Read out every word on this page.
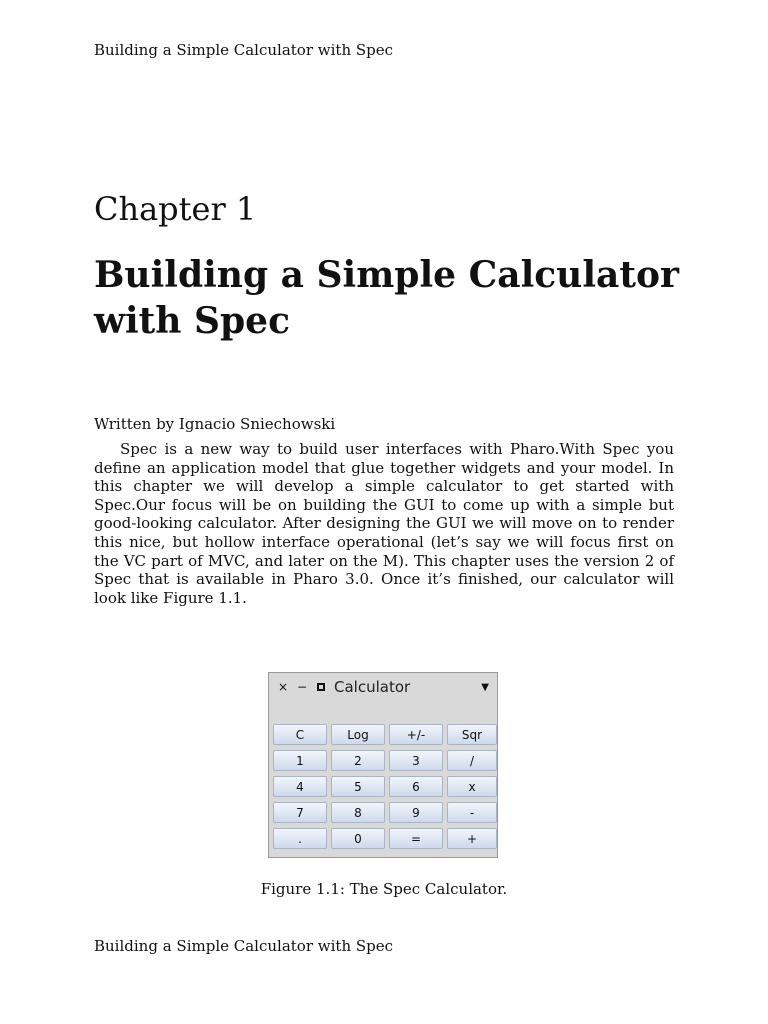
Building a Simple Calculator with Spec
Chapter 1
Building a Simple Calculator
with Spec
Written by Ignacio Sniechowski

Spec is a new way to build user interfaces with Pharo.With Spec you define an application model that glue together widgets and your model. In this chapter we will develop a simple calculator to get started with Spec.Our focus will be on building the GUI to come up with a simple but good-looking calculator. After designing the GUI we will move on to render this nice, but hollow interface operational (let’s say we will focus first on the VC part of MVC, and later on the M). This chapter uses the version 2 of Spec that is available in Pharo 3.0. Once it’s finished, our calculator will look like Figure 1.1.

× − Calculator	▼
C	Log	+/-	Sqr
1	2	3	/
4	5	6	x
7	8	9	-
.	0	=	+
Figure 1.1: The Spec Calculator.
Building a Simple Calculator with Spec
